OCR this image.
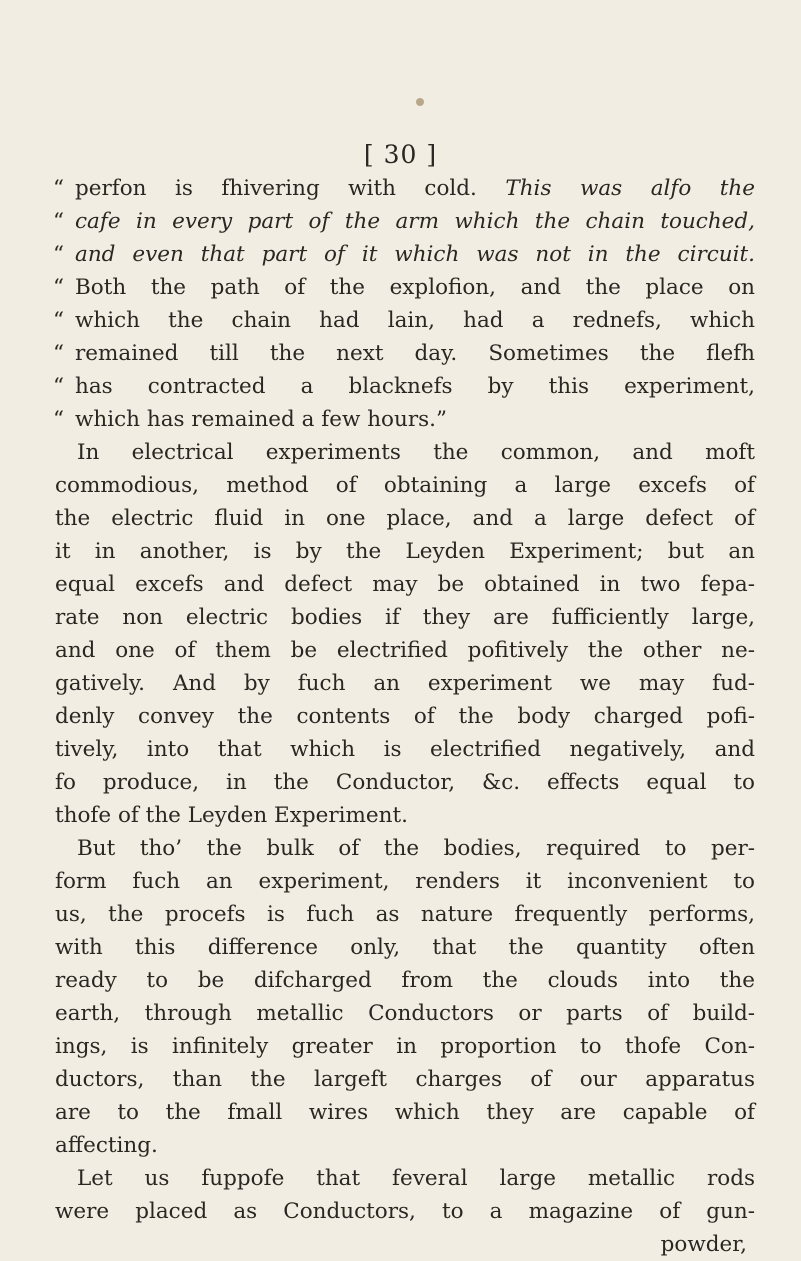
[ 30 ]
“ perfon is fhivering with cold. This was alfo the
“ cafe in every part of the arm which the chain touched,
“ and even that part of it which was not in the circuit.
“ Both the path of the explofion, and the place on
“ which the chain had lain, had a rednefs, which
“ remained till the next day. Sometimes the flefh
“ has contracted a blacknefs by this experiment,
“ which has remained a few hours.”
In electrical experiments the common, and moft
commodious, method of obtaining a large excefs of
the electric fluid in one place, and a large defect of
it in another, is by the Leyden Experiment; but an
equal excefs and defect may be obtained in two fepa-
rate non electric bodies if they are fufficiently large,
and one of them be electrified pofitively the other ne-
gatively. And by fuch an experiment we may fud-
denly convey the contents of the body charged pofi-
tively, into that which is electrified negatively, and
fo produce, in the Conductor, &c. effects equal to
thofe of the Leyden Experiment.
But tho’ the bulk of the bodies, required to per-
form fuch an experiment, renders it inconvenient to
us, the procefs is fuch as nature frequently performs,
with this difference only, that the quantity often
ready to be difcharged from the clouds into the
earth, through metallic Conductors or parts of build-
ings, is infinitely greater in proportion to thofe Con-
ductors, than the largeft charges of our apparatus
are to the fmall wires which they are capable of
affecting.
Let us fuppofe that feveral large metallic rods
were placed as Conductors, to a magazine of gun-
powder,
